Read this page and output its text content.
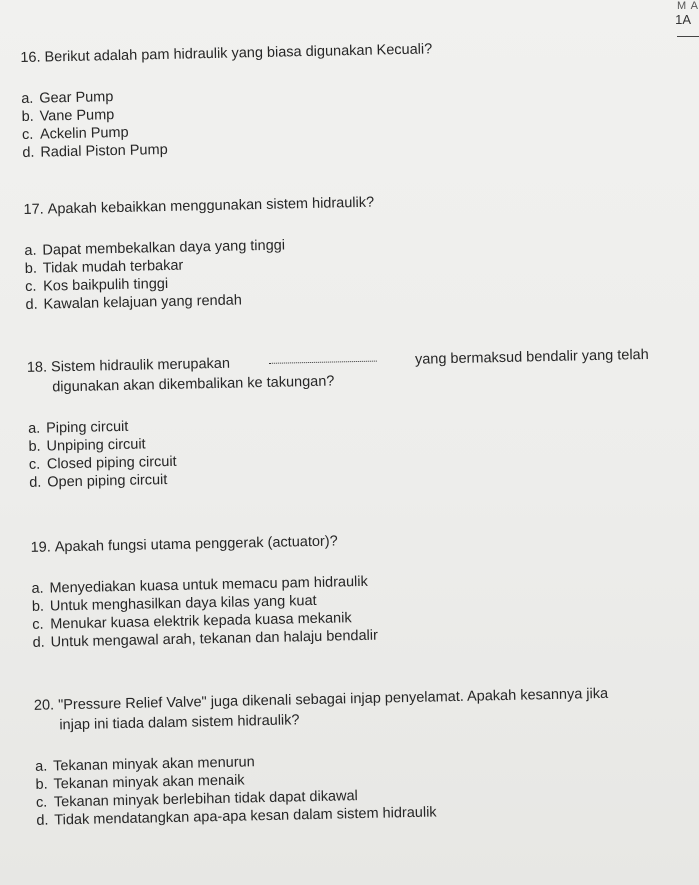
M A
1A
16. Berikut adalah pam hidraulik yang biasa digunakan Kecuali?
a. Gear Pump
b. Vane Pump
c. Ackelin Pump
d. Radial Piston Pump
17. Apakah kebaikkan menggunakan sistem hidraulik?
a. Dapat membekalkan daya yang tinggi
b. Tidak mudah terbakar
c. Kos baikpulih tinggi
d. Kawalan kelajuan yang rendah
18. Sistem hidraulik merupakan	yang bermaksud bendalir yang telah
digunakan akan dikembalikan ke takungan?
a. Piping circuit
b. Unpiping circuit
c. Closed piping circuit
d. Open piping circuit
19. Apakah fungsi utama penggerak (actuator)?
a. Menyediakan kuasa untuk memacu pam hidraulik
b. Untuk menghasilkan daya kilas yang kuat
c. Menukar kuasa elektrik kepada kuasa mekanik
d. Untuk mengawal arah, tekanan dan halaju bendalir
20. "Pressure Relief Valve" juga dikenali sebagai injap penyelamat. Apakah kesannya jika
injap ini tiada dalam sistem hidraulik?
a. Tekanan minyak akan menurun
b. Tekanan minyak akan menaik
c. Tekanan minyak berlebihan tidak dapat dikawal
d. Tidak mendatangkan apa-apa kesan dalam sistem hidraulik
